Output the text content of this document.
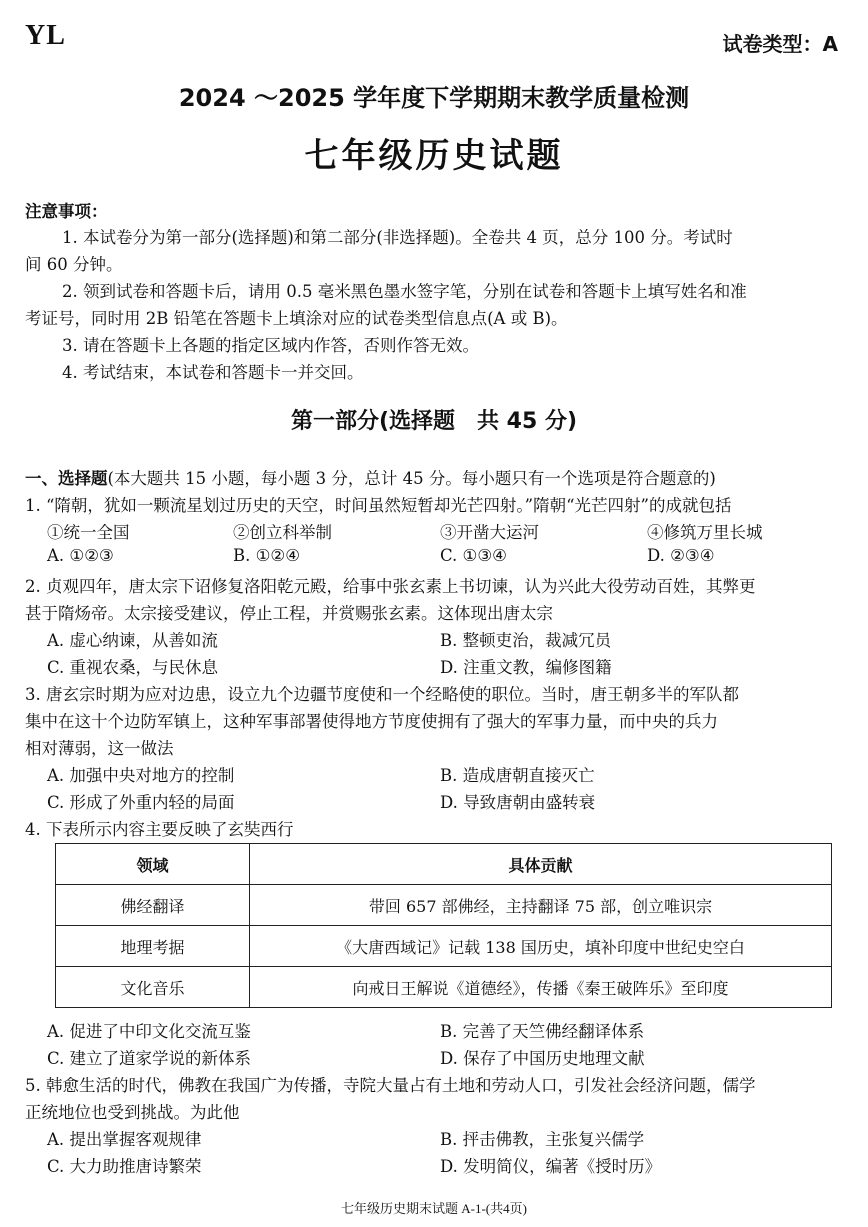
YL	试卷类型：A
2024 ～2025 学年度下学期期末教学质量检测
七年级历史试题
注意事项：
1. 本试卷分为第一部分(选择题)和第二部分(非选择题)。全卷共 4 页，总分 100 分。考试时
间 60 分钟。
2. 领到试卷和答题卡后，请用 0.5 毫米黑色墨水签字笔，分别在试卷和答题卡上填写姓名和准
考证号，同时用 2B 铅笔在答题卡上填涂对应的试卷类型信息点(A 或 B)。
3. 请在答题卡上各题的指定区域内作答，否则作答无效。
4. 考试结束，本试卷和答题卡一并交回。
第一部分(选择题　共 45 分)
一、选择题(本大题共 15 小题，每小题 3 分，总计 45 分。每小题只有一个选项是符合题意的)
1. “隋朝，犹如一颗流星划过历史的天空，时间虽然短暂却光芒四射。”隋朝“光芒四射”的成就包括
①统一全国	②创立科举制	③开凿大运河	④修筑万里长城
A. ①②③	B. ①②④	C. ①③④	D. ②③④
2. 贞观四年，唐太宗下诏修复洛阳乾元殿，给事中张玄素上书切谏，认为兴此大役劳动百姓，其弊更
甚于隋炀帝。太宗接受建议，停止工程，并赏赐张玄素。这体现出唐太宗
A. 虚心纳谏，从善如流	B. 整顿吏治，裁减冗员
C. 重视农桑，与民休息	D. 注重文教，编修图籍
3. 唐玄宗时期为应对边患，设立九个边疆节度使和一个经略使的职位。当时，唐王朝多半的军队都
集中在这十个边防军镇上，这种军事部署使得地方节度使拥有了强大的军事力量，而中央的兵力
相对薄弱，这一做法
A. 加强中央对地方的控制	B. 造成唐朝直接灭亡
C. 形成了外重内轻的局面	D. 导致唐朝由盛转衰
4. 下表所示内容主要反映了玄奘西行
领域	具体贡献
佛经翻译	带回 657 部佛经，主持翻译 75 部，创立唯识宗
地理考据	《大唐西域记》记载 138 国历史，填补印度中世纪史空白
文化音乐	向戒日王解说《道德经》，传播《秦王破阵乐》至印度
A. 促进了中印文化交流互鉴	B. 完善了天竺佛经翻译体系
C. 建立了道家学说的新体系	D. 保存了中国历史地理文献
5. 韩愈生活的时代，佛教在我国广为传播，寺院大量占有土地和劳动人口，引发社会经济问题，儒学
正统地位也受到挑战。为此他
A. 提出掌握客观规律	B. 抨击佛教，主张复兴儒学
C. 大力助推唐诗繁荣	D. 发明简仪，编著《授时历》
七年级历史期末试题 A-1-(共4页)
